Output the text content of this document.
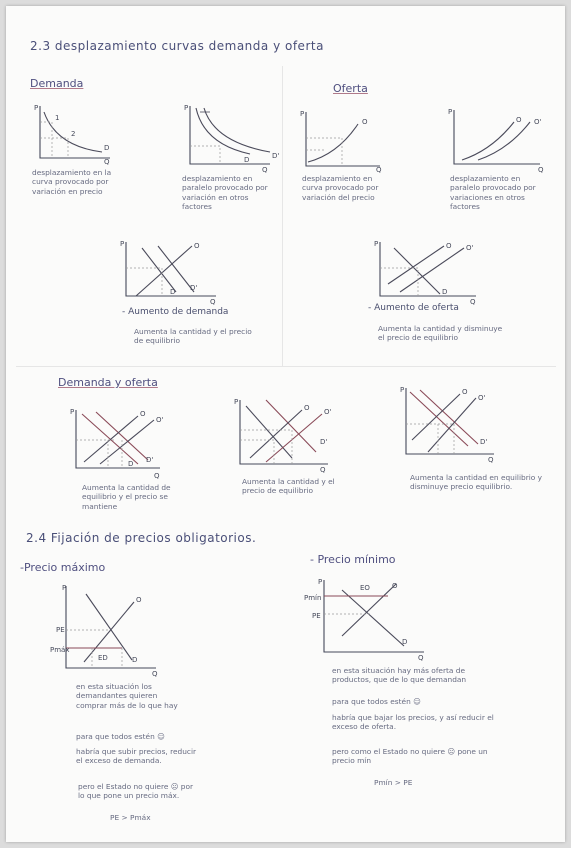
2.3 desplazamiento curvas demanda y oferta
Demanda	Oferta
P
Q
D
1
2
desplazamiento en la curva provocado por variación en precio
P
Q
D	D'
desplazamiento en paralelo provocado por variación en otros factores
P
Q
O
desplazamiento en curva provocado por variación del precio
P
Q
O O'
desplazamiento en paralelo provocado por variaciones en otros factores
P
Q
O
D D'
- Aumento de demanda
Aumenta la cantidad y el precio de equilibrio
P
Q
O O'
D
- Aumento de oferta
Aumenta la cantidad y disminuye el precio de equilibrio
Demanda y oferta
P
Q
O
O'
D D'
Aumenta la cantidad de equilibrio y el precio se mantiene
P
Q
O O'
D'
Aumenta la cantidad y el precio de equilibrio
P
Q
O
O'
D'
Aumenta la cantidad en equilibrio y disminuye precio equilibrio.
2.4 Fijación de precios obligatorios.
-Precio máximo
- Precio mínimo
P
Q
O
D
PE
Pmáx
ED
en esta situación los demandantes quieren comprar más de lo que hay
para que todos estén ☺
habría que subir precios, reducir el exceso de demanda.
pero el Estado no quiere ☹ por lo que pone un precio máx.
PE > Pmáx
P
Q
O
D
Pmín
PE
EO
en esta situación hay más oferta de productos, que de lo que demandan
para que todos estén ☺
habría que bajar los precios, y así reducir el exceso de oferta.
pero como el Estado no quiere ☹ pone un precio mín
Pmín > PE
